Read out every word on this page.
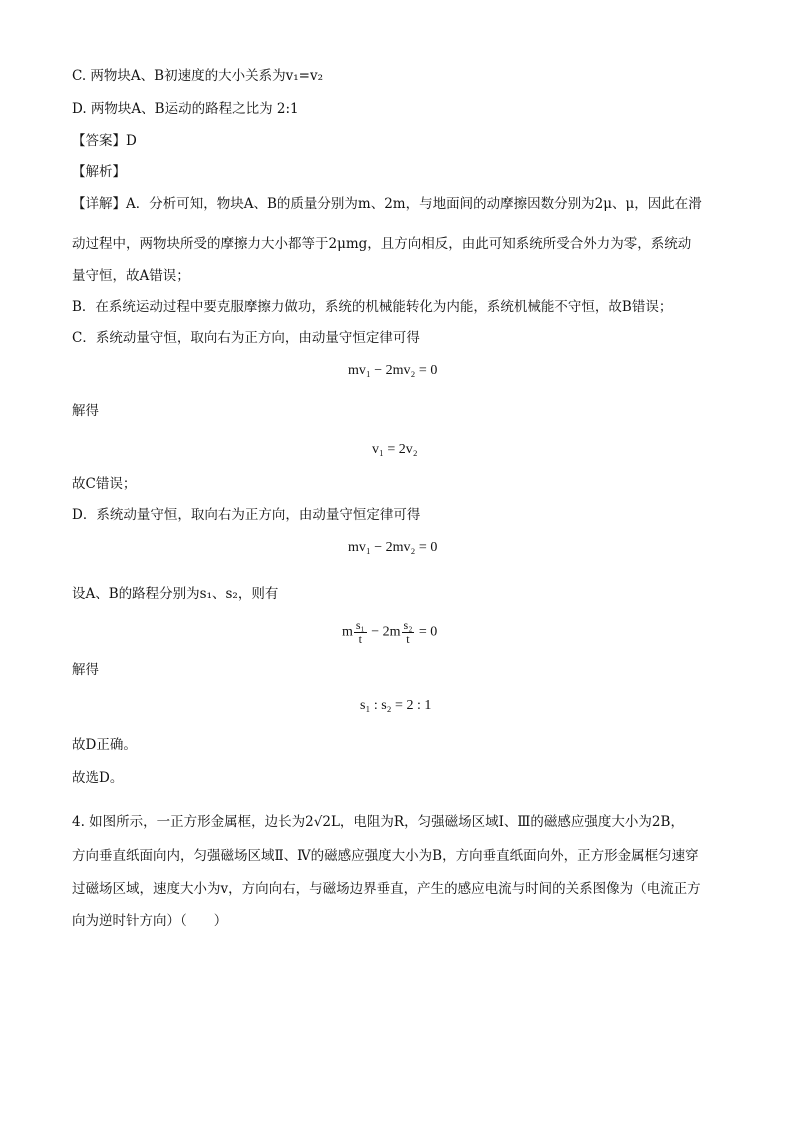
C. 两物块A、B初速度的大小关系为v₁=v₂
D. 两物块A、B运动的路程之比为 2:1
【答案】D
【解析】
【详解】A．分析可知，物块A、B的质量分别为m、2m，与地面间的动摩擦因数分别为2μ、μ，因此在滑
动过程中，两物块所受的摩擦力大小都等于2μmg，且方向相反，由此可知系统所受合外力为零，系统动
量守恒，故A错误；
B．在系统运动过程中要克服摩擦力做功，系统的机械能转化为内能，系统机械能不守恒，故B错误；
C．系统动量守恒，取向右为正方向，由动量守恒定律可得
mv₁ − 2mv₂ = 0
解得
v₁ = 2v₂
故C错误；
D．系统动量守恒，取向右为正方向，由动量守恒定律可得
mv₁ − 2mv₂ = 0
设A、B的路程分别为s₁、s₂，则有
m $\frac{\text{s₁}}{t} - 2m \frac{\text{s₂}}{t} = 0$
解得
s₁ : s₂ = 2 : 1
故D正确。
故选D。
4. 如图所示，一正方形金属框，边长为2√2L，电阻为R，匀强磁场区域Ⅰ、Ⅲ的磁感应强度大小为2B，
方向垂直纸面向内，匀强磁场区域Ⅱ、Ⅳ的磁感应强度大小为B，方向垂直纸面向外，正方形金属框匀速穿
过磁场区域，速度大小为v，方向向右，与磁场边界垂直，产生的感应电流与时间的关系图像为（电流正方
向为逆时针方向）（　　）
